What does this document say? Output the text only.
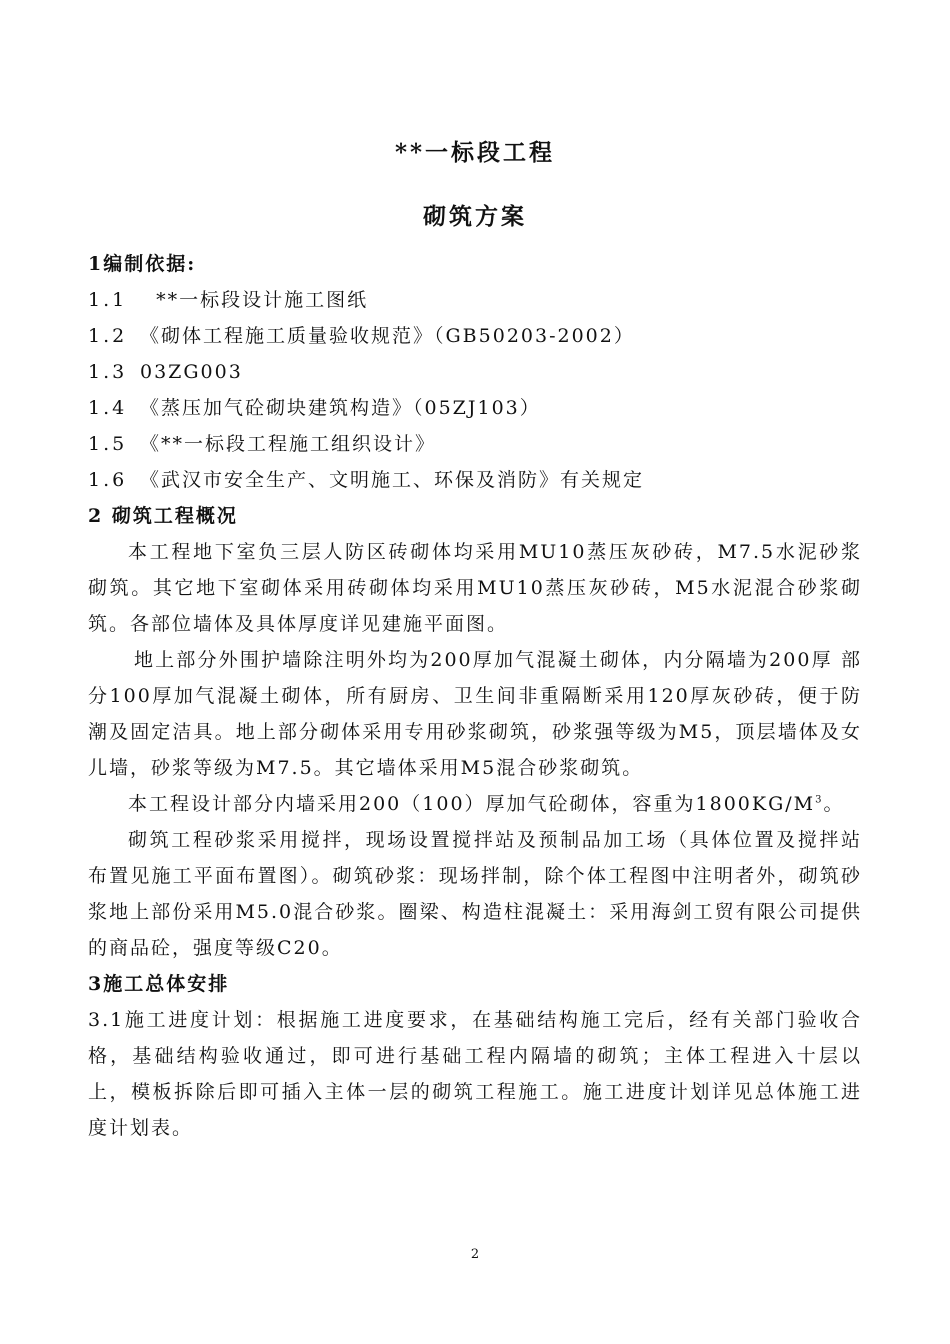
**一标段工程
砌筑方案
1编制依据:
1.1  **一标段设计施工图纸
1.2 《砌体工程施工质量验收规范》（GB50203-2002）
1.3 03ZG003
1.4 《蒸压加气砼砌块建筑构造》（05ZJ103）
1.5 《**一标段工程施工组织设计》
1.6 《武汉市安全生产、文明施工、环保及消防》有关规定
2 砌筑工程概况

本工程地下室负三层人防区砖砌体均采用MU10蒸压灰砂砖，M7.5水泥砂浆砌筑。其它地下室砌体采用砖砌体均采用MU10蒸压灰砂砖，M5水泥混合砂浆砌筑。各部位墙体及具体厚度详见建施平面图。

地上部分外围护墙除注明外均为200厚加气混凝土砌体，内分隔墙为200厚 部分100厚加气混凝土砌体，所有厨房、卫生间非重隔断采用120厚灰砂砖，便于防潮及固定洁具。地上部分砌体采用专用砂浆砌筑，砂浆强等级为M5，顶层墙体及女儿墙，砂浆等级为M7.5。其它墙体采用M5混合砂浆砌筑。

本工程设计部分内墙采用200（100）厚加气砼砌体，容重为$1800KG/M^3$。

砌筑工程砂浆采用搅拌，现场设置搅拌站及预制品加工场（具体位置及搅拌站布置见施工平面布置图）。砌筑砂浆：现场拌制，除个体工程图中注明者外，砌筑砂浆地上部份采用M5.0混合砂浆。圈梁、构造柱混凝土：采用海剑工贸有限公司提供的商品砼，强度等级C20。

3施工总体安排

3.1施工进度计划：根据施工进度要求，在基础结构施工完后，经有关部门验收合格，基础结构验收通过，即可进行基础工程内隔墙的砌筑；主体工程进入十层以上，模板拆除后即可插入主体一层的砌筑工程施工。施工进度计划详见总体施工进度计划表。

2
